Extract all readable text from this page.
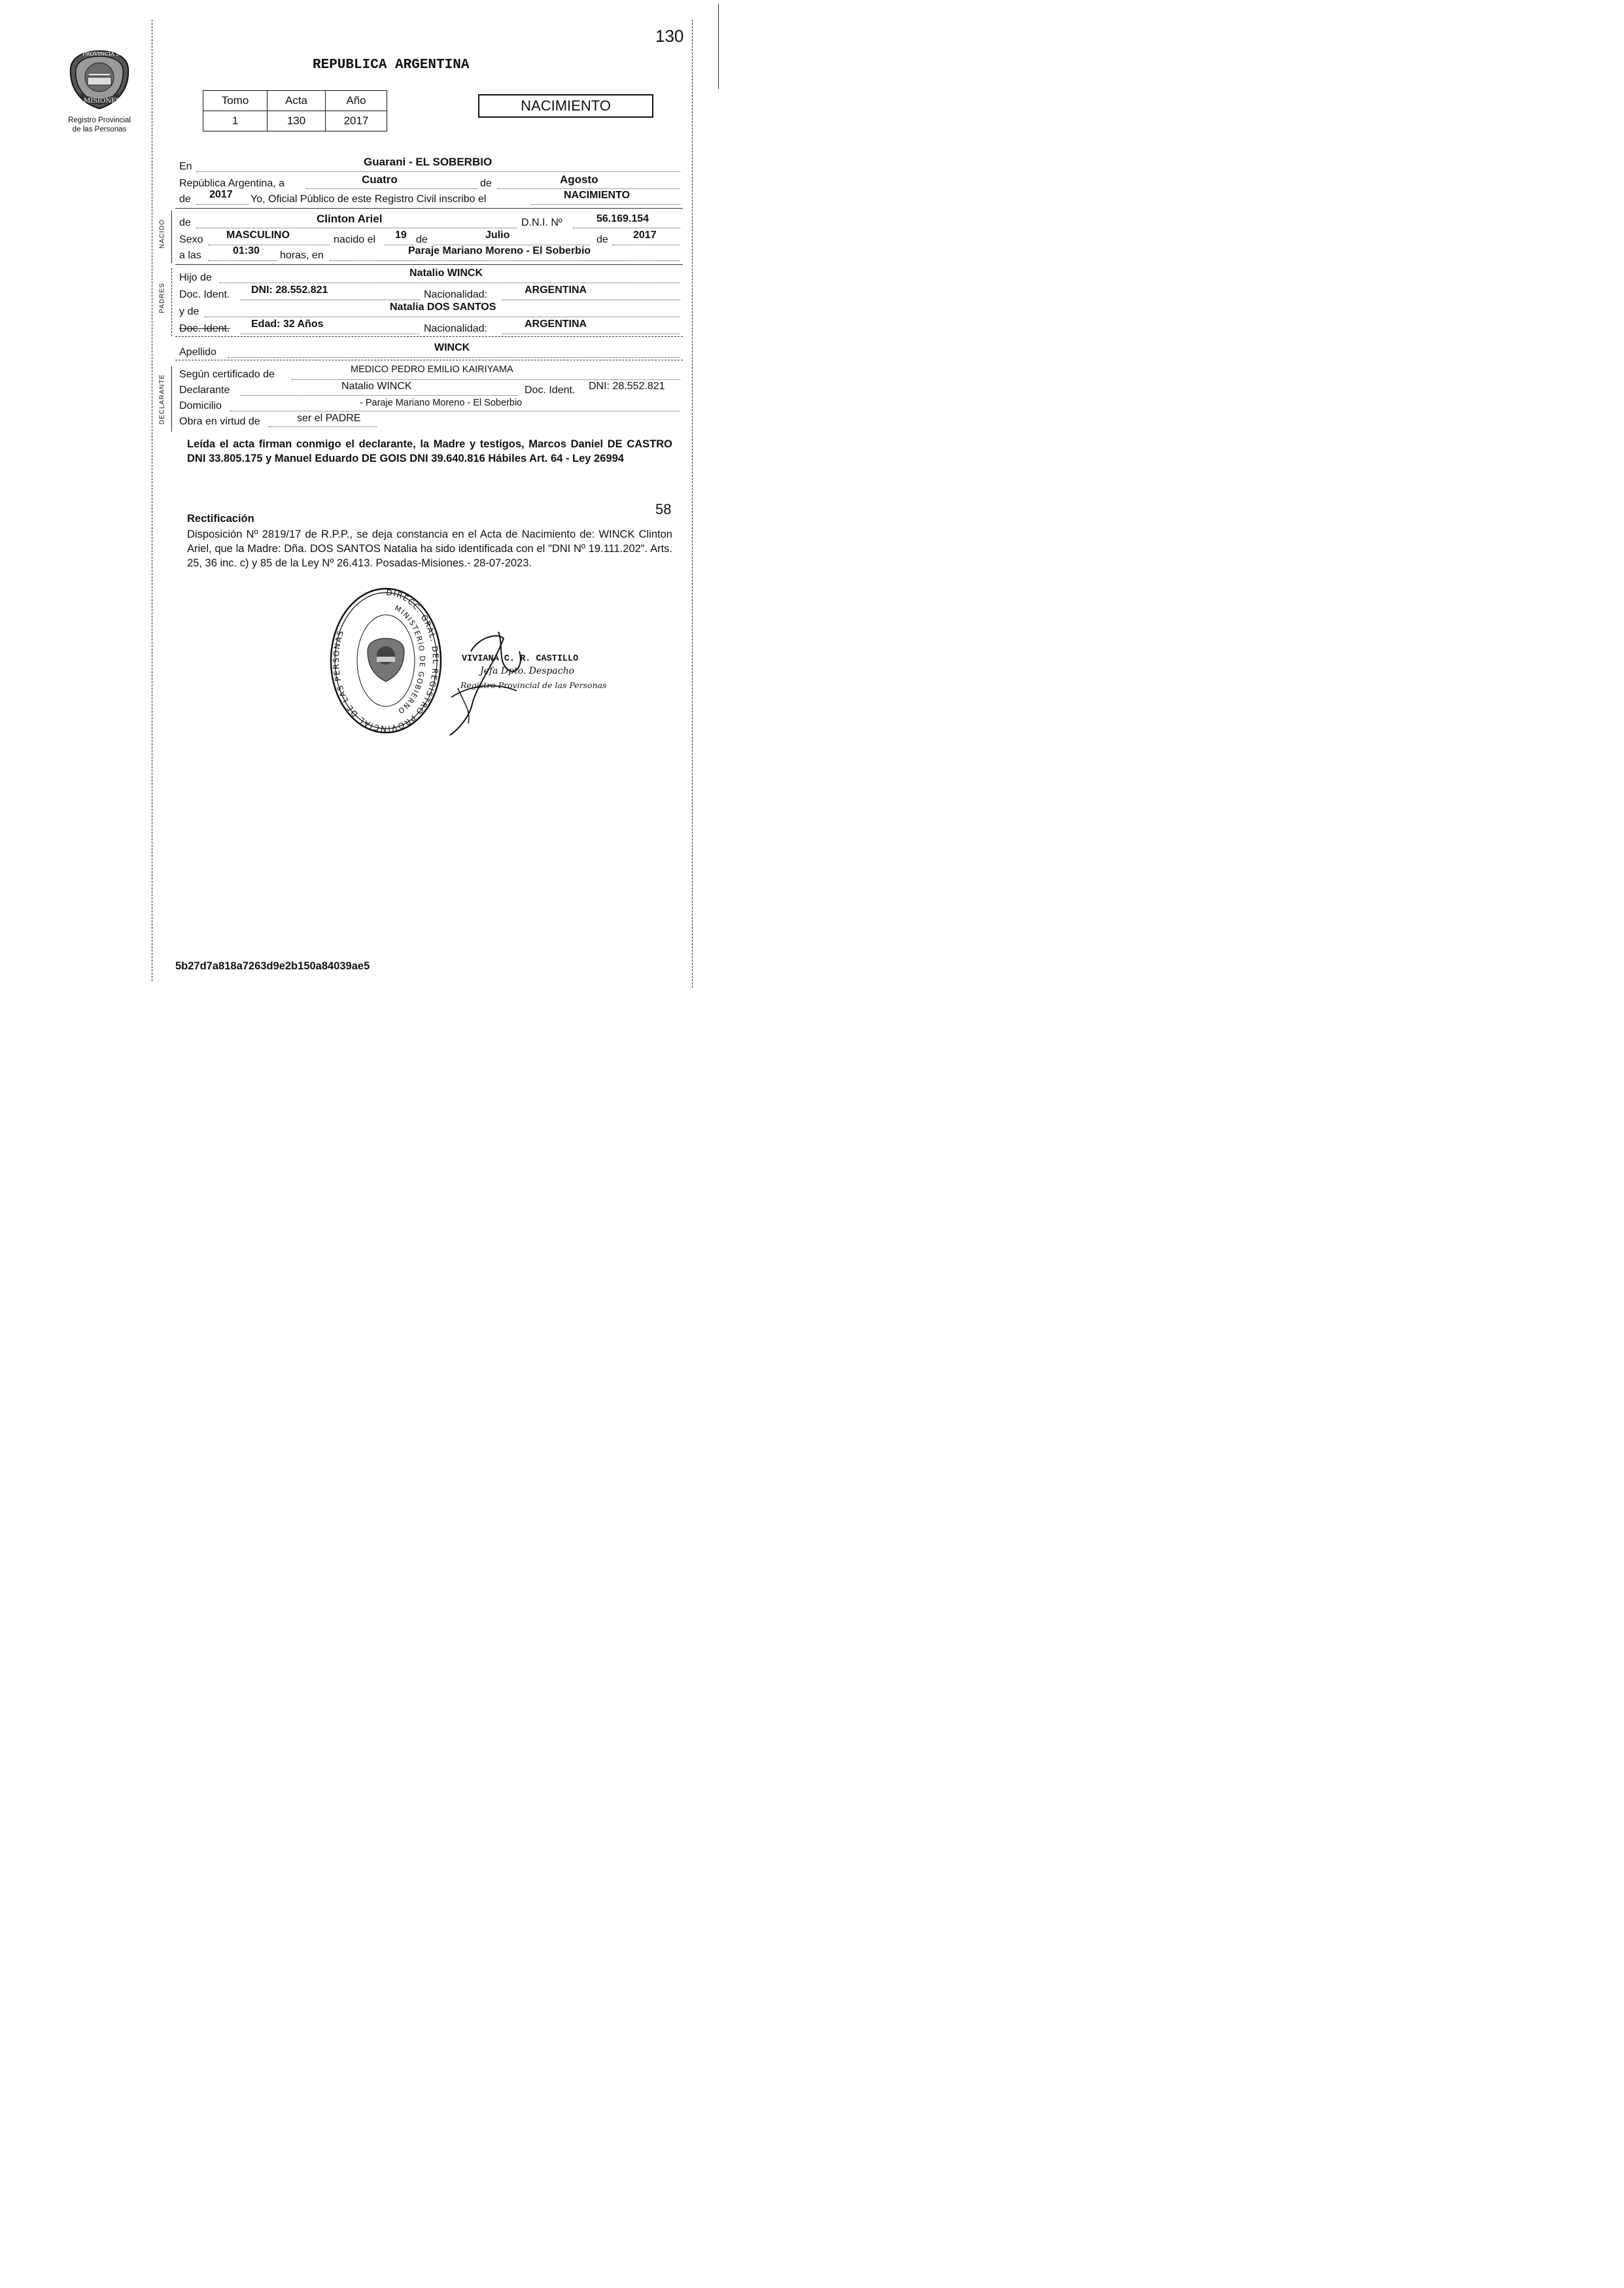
130
PROVINCIA DE
MISIONES
Registro Provincial
de las Personas
REPUBLICA ARGENTINA
Tomo	Acta	Año
1	130	2017
NACIMIENTO
NACIDO
PADRES
DECLARANTE
En	Guarani - EL SOBERBIO
República Argentina, a	Cuatro	de	Agosto
de 2017 Yo, Oficial Público de este Registro Civil inscribo el	NACIMIENTO
de	Clinton Ariel	D.N.I. Nº	56.169.154
Sexo MASCULINO	nacido el 19 de	Julio	de 2017
a las	01:30 horas, en	Paraje Mariano Moreno - El Soberbio
Hijo de	Natalio WINCK
Doc. Ident. DNI: 28.552.821	Nacionalidad:	ARGENTINA
y de	Natalia DOS SANTOS
Doc. Ident. Edad: 32 Años	Nacionalidad:	ARGENTINA
Apellido	WINCK
Según certificado de	MEDICO PEDRO EMILIO KAIRIYAMA
Declarante	Natalio WINCK	Doc. Ident. DNI: 28.552.821
Domicilio	- Paraje Mariano Moreno - El Soberbio
Obra en virtud de	ser el PADRE
Leída el acta firman conmigo el declarante, la Madre y testigos, Marcos Daniel DE CASTRO DNI 33.805.175 y Manuel Eduardo DE GOIS DNI 39.640.816 Hábiles Art. 64 - Ley 26994
58
Rectificación
Disposición Nº 2819/17 de R.P.P., se deja constancia en el Acta de Nacimiento de: WINCK Clinton Ariel, que la Madre: Dña. DOS SANTOS Natalia ha sido identificada con el "DNI Nº 19.111.202". Arts. 25, 36 inc. c) y 85 de la Ley Nº 26.413. Posadas-Misiones.- 28-07-2023.
DIRECC. GRAL. DEL REGISTRO PROVINCIAL DE LAS PERSONAS
MINISTERIO DE GOBIERNO
VIVIANA C. R. CASTILLO
Jefa Dpto. Despacho
Registro Provincial de las Personas
5b27d7a818a7263d9e2b150a84039ae5
